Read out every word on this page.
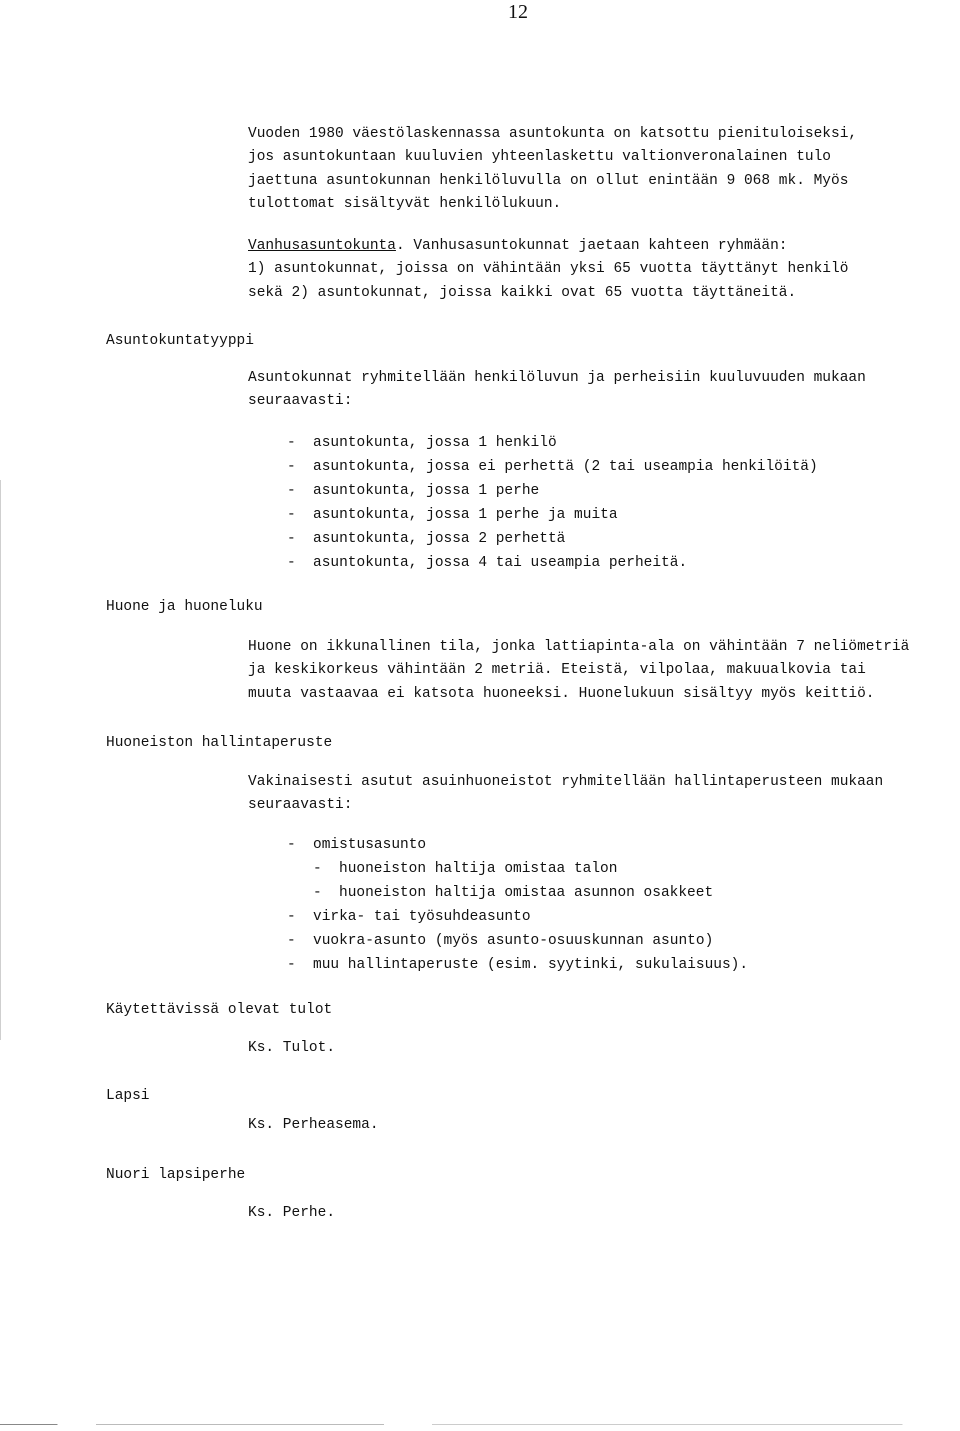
12

Vuoden 1980 väestölaskennassa asuntokunta on katsottu pienituloiseksi,

jos asuntokuntaan kuuluvien yhteenlaskettu valtionveronalainen tulo

jaettuna asuntokunnan henkilöluvulla on ollut enintään 9 068 mk. Myös

tulottomat sisältyvät henkilölukuun.

Vanhusasuntokunta. Vanhusasuntokunnat jaetaan kahteen ryhmään:

1) asuntokunnat, joissa on vähintään yksi 65 vuotta täyttänyt henkilö

sekä 2) asuntokunnat, joissa kaikki ovat 65 vuotta täyttäneitä.

Asuntokuntatyyppi

Asuntokunnat ryhmitellään henkilöluvun ja perheisiin kuuluvuuden mukaan

seuraavasti:

-	asuntokunta, jossa 1 henkilö
-	asuntokunta, jossa ei perhettä (2 tai useampia henkilöitä)
-	asuntokunta, jossa 1 perhe
-	asuntokunta, jossa 1 perhe ja muita
-	asuntokunta, jossa 2 perhettä
-	asuntokunta, jossa 4 tai useampia perheitä.
Huone ja huoneluku

Huone on ikkunallinen tila, jonka lattiapinta-ala on vähintään 7 neliömetriä

ja keskikorkeus vähintään 2 metriä. Eteistä, vilpolaa, makuualkovia tai

muuta vastaavaa ei katsota huoneeksi. Huonelukuun sisältyy myös keittiö.

Huoneiston hallintaperuste

Vakinaisesti asutut asuinhuoneistot ryhmitellään hallintaperusteen mukaan

seuraavasti:

-	omistusasunto
-	huoneiston haltija omistaa talon
-	huoneiston haltija omistaa asunnon osakkeet
-	virka- tai työsuhdeasunto
-	vuokra-asunto (myös asunto-osuuskunnan asunto)
-	muu hallintaperuste (esim. syytinki, sukulaisuus).
Käytettävissä olevat tulot
Ks. Tulot.
Lapsi
Ks. Perheasema.
Nuori lapsiperhe
Ks. Perhe.
